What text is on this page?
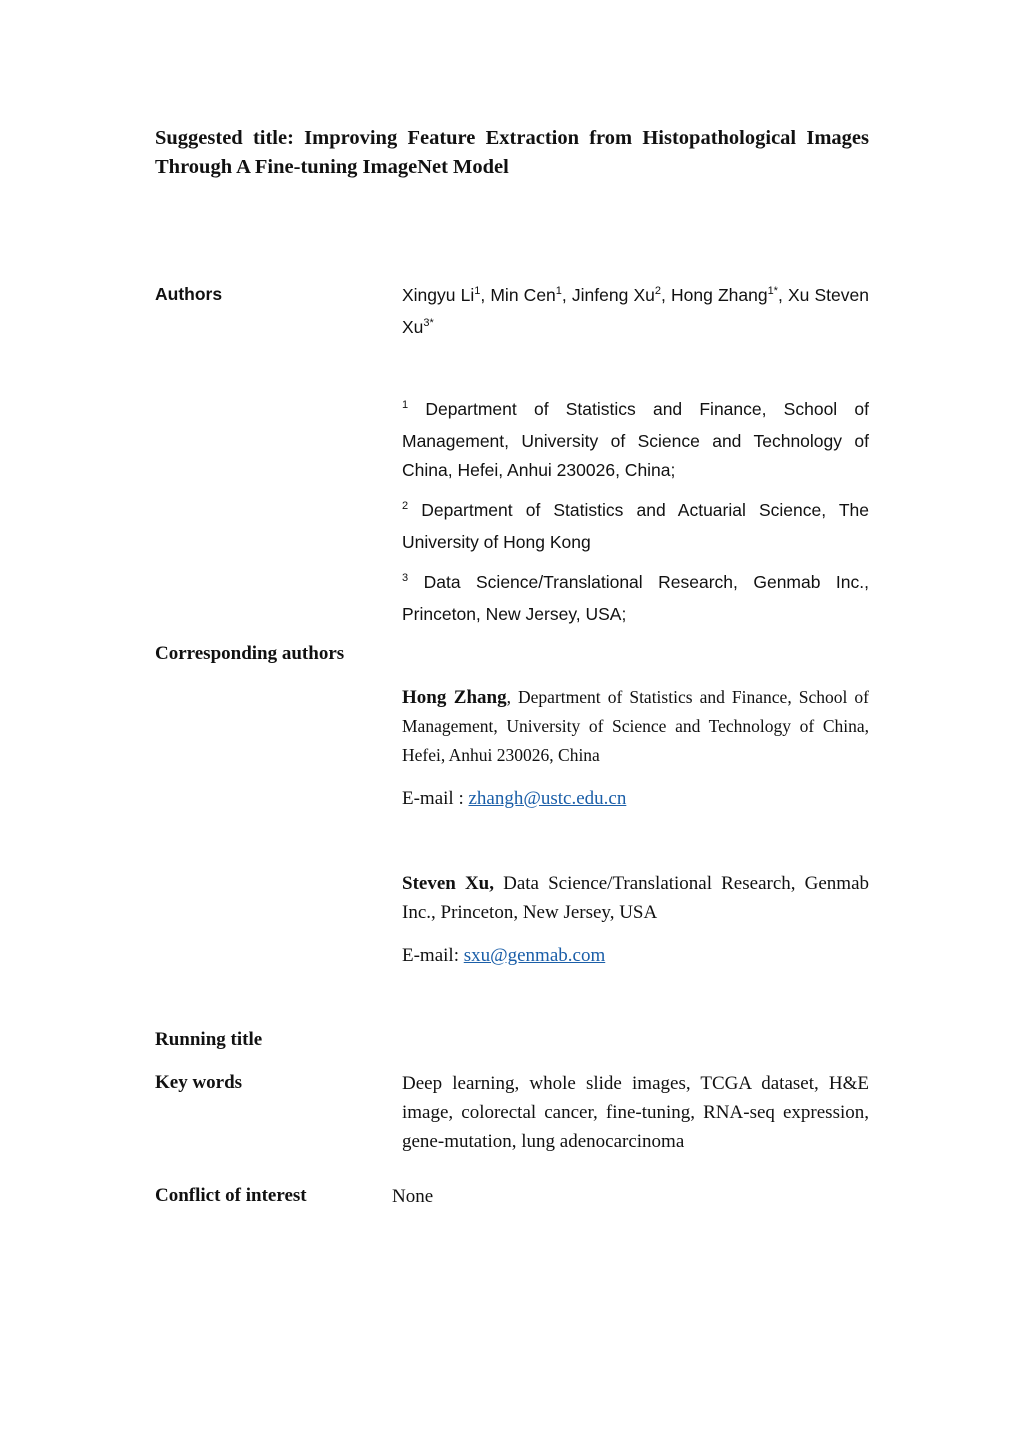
Suggested title: Improving Feature Extraction from Histopathological Images Through A Fine-tuning ImageNet Model
Authors	Xingyu Li$^1$, Min Cen$^1$, Jinfeng Xu$^2$, Hong Zhang$^{1*}$, Xu Steven $Xu^{3*}$
$^1$ Department of Statistics and Finance, School of Management, University of Science and Technology of China, Hefei, Anhui 230026, China;
$^2$ Department of Statistics and Actuarial Science, The University of Hong Kong
$^3$ Data Science/Translational Research, Genmab Inc., Princeton, New Jersey, USA;
Corresponding authors
Hong Zhang, Department of Statistics and Finance, School of Management, University of Science and Technology of China, Hefei, Anhui 230026, China
E-mail : zhangh@ustc.edu.cn
Steven Xu, Data Science/Translational Research, Genmab Inc., Princeton, New Jersey, USA
E-mail: sxu@genmab.com
Running title
Key words	Deep learning, whole slide images, TCGA dataset, H&E image, colorectal cancer, fine-tuning, RNA-seq expression, gene-mutation, lung adenocarcinoma
Conflict of interest	None
